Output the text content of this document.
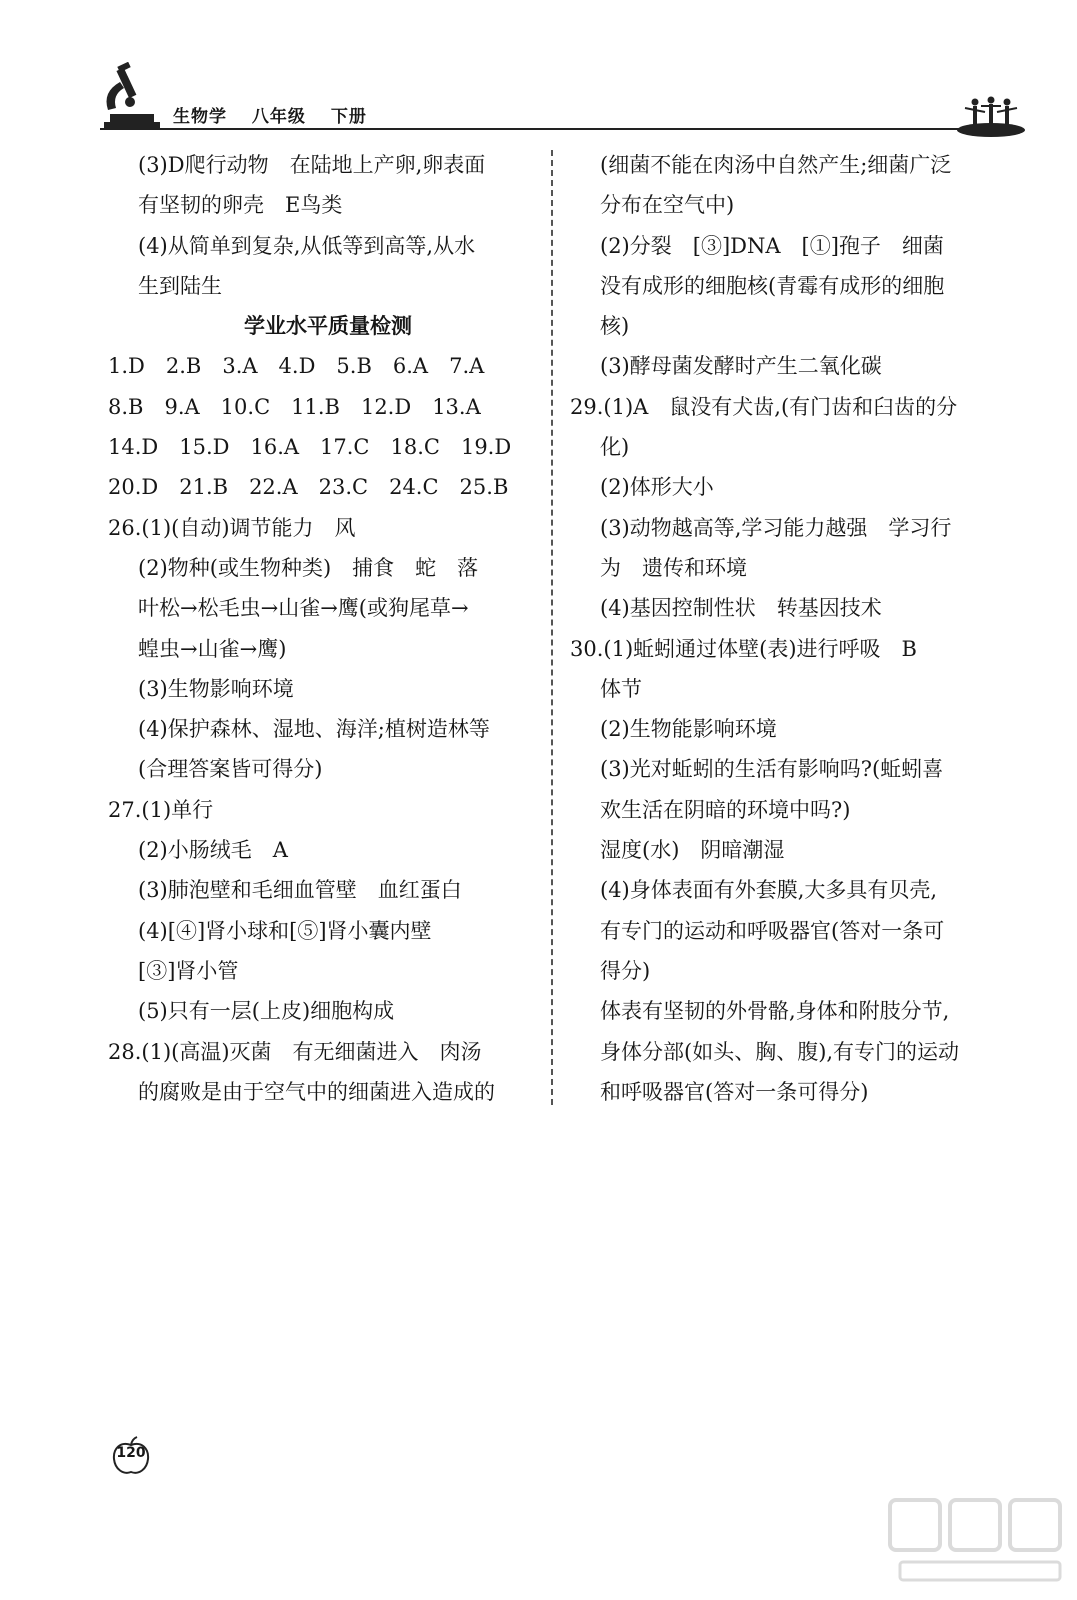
生物学 八年级 下册
(3)D爬行动物　在陆地上产卵,卵表面
有坚韧的卵壳　E鸟类
(4)从简单到复杂,从低等到高等,从水
生到陆生
学业水平质量检测
1.D　2.B　3.A　4.D　5.B　6.A　7.A
8.B　9.A　10.C　11.B　12.D　13.A
14.D　15.D　16.A　17.C　18.C　19.D
20.D　21.B　22.A　23.C　24.C　25.B
26.(1)(自动)调节能力　风
(2)物种(或生物种类)　捕食　蛇　落
叶松→松毛虫→山雀→鹰(或狗尾草→
蝗虫→山雀→鹰)
(3)生物影响环境
(4)保护森林、湿地、海洋;植树造林等
(合理答案皆可得分)
27.(1)单行
(2)小肠绒毛　A
(3)肺泡壁和毛细血管壁　血红蛋白
(4)[④]肾小球和[⑤]肾小囊内壁
[③]肾小管
(5)只有一层(上皮)细胞构成
28.(1)(高温)灭菌　有无细菌进入　肉汤
的腐败是由于空气中的细菌进入造成的
(细菌不能在肉汤中自然产生;细菌广泛
分布在空气中)
(2)分裂　[③]DNA　[①]孢子　细菌
没有成形的细胞核(青霉有成形的细胞
核)
(3)酵母菌发酵时产生二氧化碳
29.(1)A　鼠没有犬齿,(有门齿和臼齿的分
化)
(2)体形大小
(3)动物越高等,学习能力越强　学习行
为　遗传和环境
(4)基因控制性状　转基因技术
30.(1)蚯蚓通过体壁(表)进行呼吸　B
体节
(2)生物能影响环境
(3)光对蚯蚓的生活有影响吗?(蚯蚓喜
欢生活在阴暗的环境中吗?)
湿度(水)　阴暗潮湿
(4)身体表面有外套膜,大多具有贝壳,
有专门的运动和呼吸器官(答对一条可
得分)
体表有坚韧的外骨骼,身体和附肢分节,
身体分部(如头、胸、腹),有专门的运动
和呼吸器官(答对一条可得分)
120
